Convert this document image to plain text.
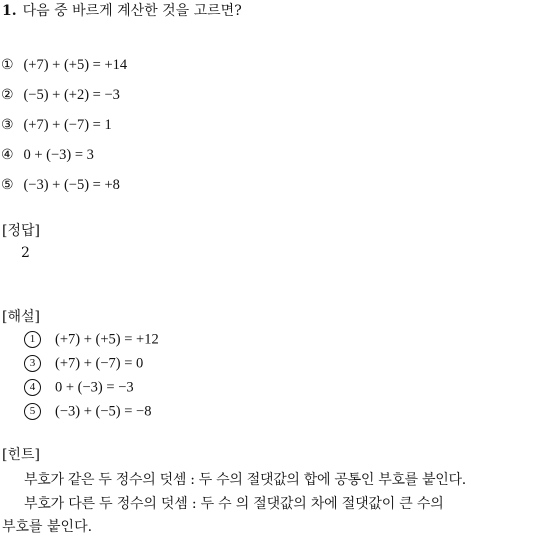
1. 다음 중 바르게 계산한 것을 고르면?
① (+7) + (+5) = +14
② (−5) + (+2) = −3
③ (+7) + (−7) = 1
④ 0 + (−3) = 3
⑤ (−3) + (−5) = +8
[정답]
2
[해설]
1 (+7) + (+5) = +12
3 (+7) + (−7) = 0
4 0 + (−3) = −3
5 (−3) + (−5) = −8
[힌트]
부호가 같은 두 정수의 덧셈 : 두 수의 절댓값의 합에 공통인 부호를 붙인다.
부호가 다른 두 정수의 덧셈 : 두 수 의 절댓값의 차에 절댓값이 큰 수의
부호를 붙인다.
